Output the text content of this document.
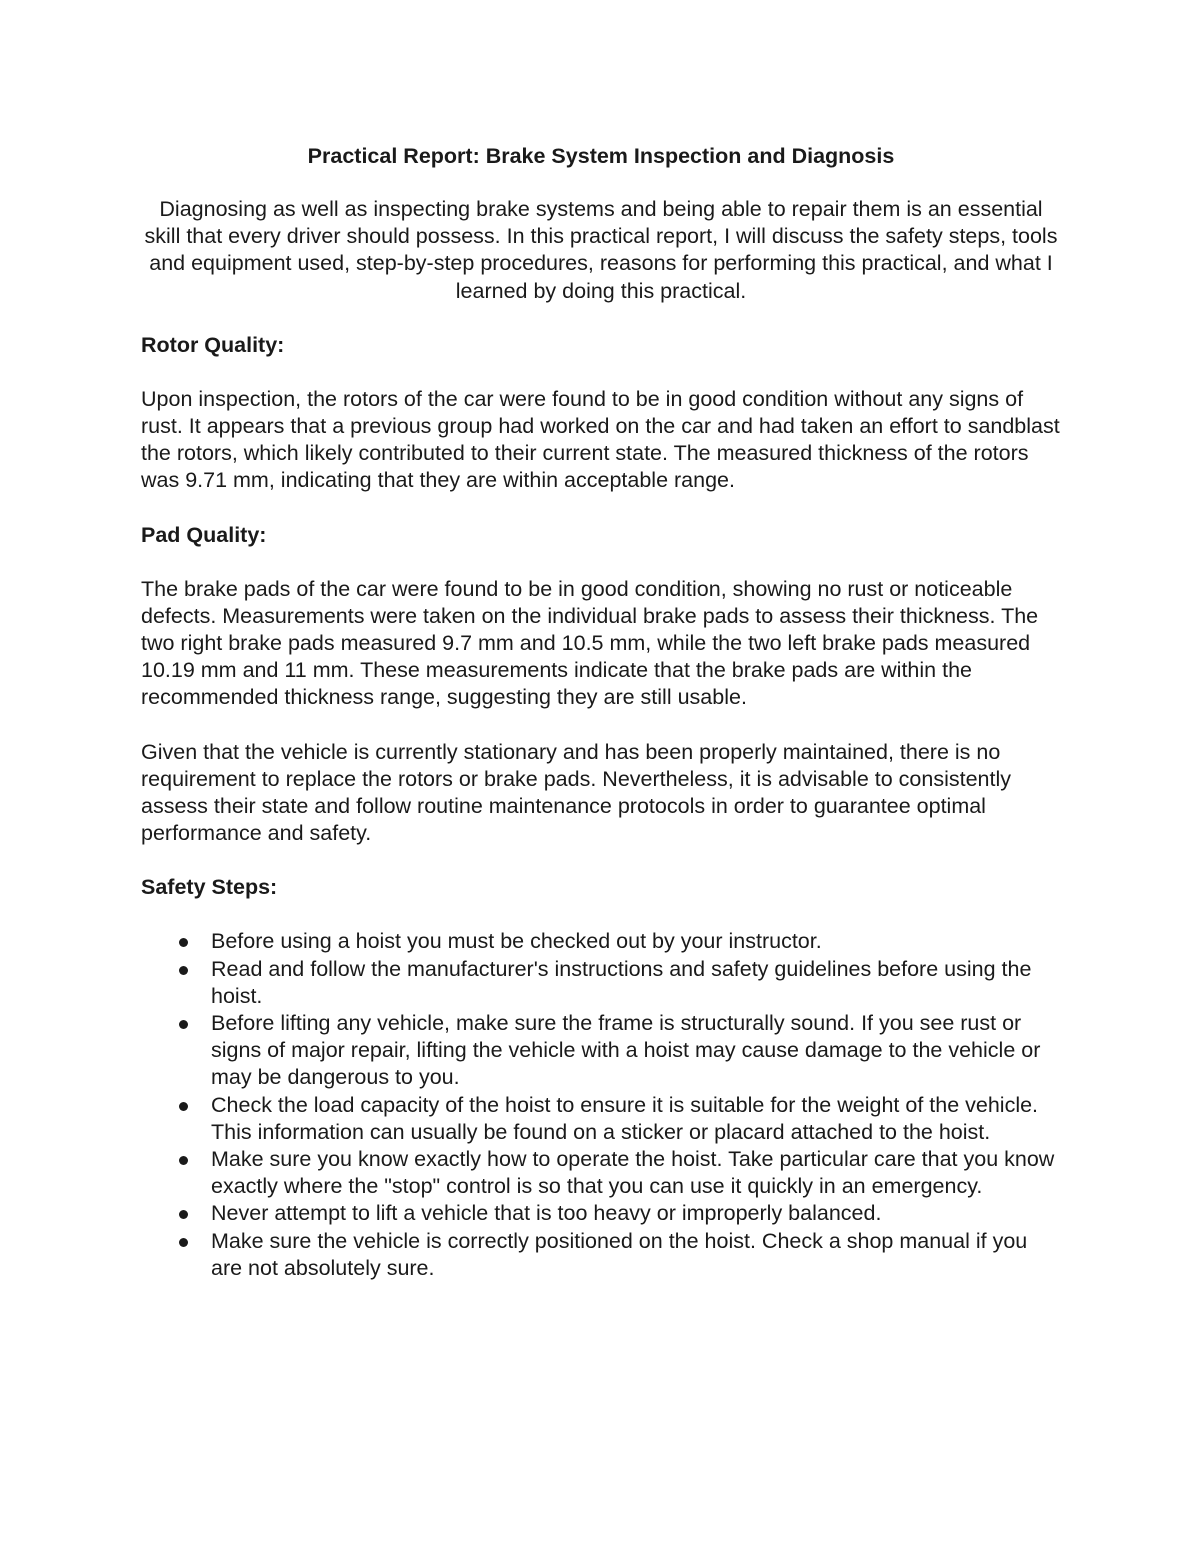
Practical Report: Brake System Inspection and Diagnosis

Diagnosing as well as inspecting brake systems and being able to repair them is an essential skill that every driver should possess. In this practical report, I will discuss the safety steps, tools and equipment used, step-by-step procedures, reasons for performing this practical, and what I learned by doing this practical.

Rotor Quality:

Upon inspection, the rotors of the car were found to be in good condition without any signs of rust. It appears that a previous group had worked on the car and had taken an effort to sandblast the rotors, which likely contributed to their current state. The measured thickness of the rotors was 9.71 mm, indicating that they are within acceptable range.

Pad Quality:

The brake pads of the car were found to be in good condition, showing no rust or noticeable defects. Measurements were taken on the individual brake pads to assess their thickness. The two right brake pads measured 9.7 mm and 10.5 mm, while the two left brake pads measured 10.19 mm and 11 mm. These measurements indicate that the brake pads are within the recommended thickness range, suggesting they are still usable.

Given that the vehicle is currently stationary and has been properly maintained, there is no requirement to replace the rotors or brake pads. Nevertheless, it is advisable to consistently assess their state and follow routine maintenance protocols in order to guarantee optimal performance and safety.

Safety Steps:
Before using a hoist you must be checked out by your instructor.
Read and follow the manufacturer's instructions and safety guidelines before using the hoist.
Before lifting any vehicle, make sure the frame is structurally sound. If you see rust or signs of major repair, lifting the vehicle with a hoist may cause damage to the vehicle or may be dangerous to you.
Check the load capacity of the hoist to ensure it is suitable for the weight of the vehicle. This information can usually be found on a sticker or placard attached to the hoist.
Make sure you know exactly how to operate the hoist. Take particular care that you know exactly where the "stop" control is so that you can use it quickly in an emergency.
Never attempt to lift a vehicle that is too heavy or improperly balanced.
Make sure the vehicle is correctly positioned on the hoist. Check a shop manual if you are not absolutely sure.
